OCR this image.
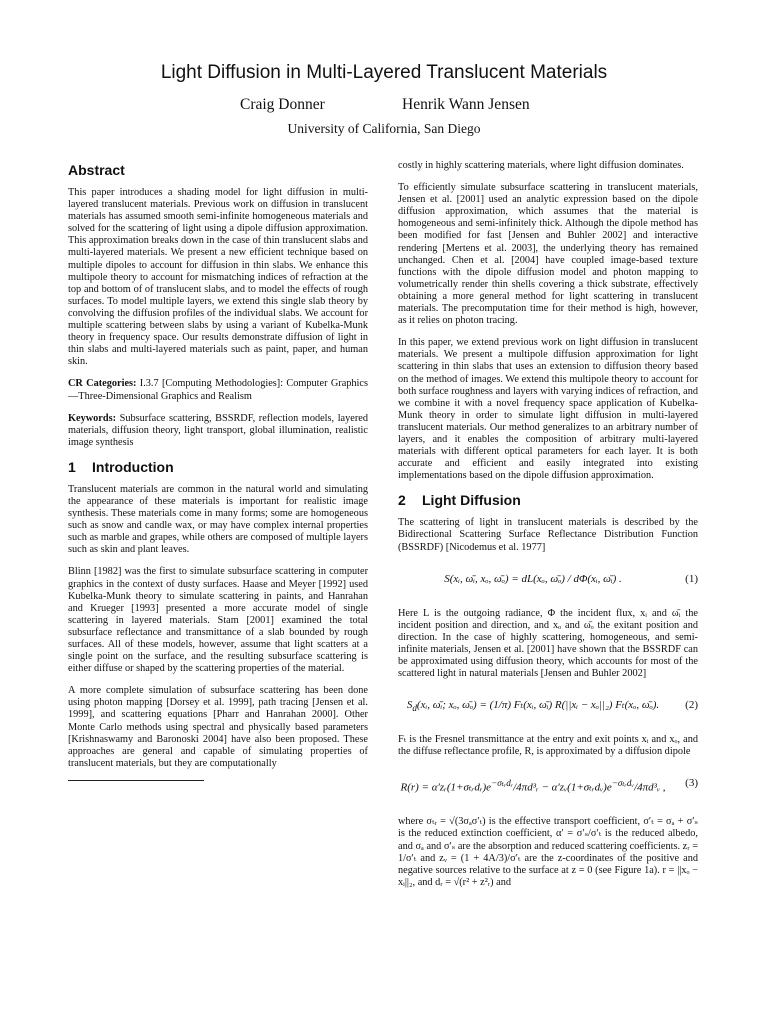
Light Diffusion in Multi-Layered Translucent Materials
Craig Donner	Henrik Wann Jensen
University of California, San Diego
Abstract

This paper introduces a shading model for light diffusion in multi-layered translucent materials. Previous work on diffusion in translucent materials has assumed smooth semi-infinite homogeneous materials and solved for the scattering of light using a dipole diffusion approximation. This approximation breaks down in the case of thin translucent slabs and multi-layered materials. We present a new efficient technique based on multiple dipoles to account for diffusion in thin slabs. We enhance this multipole theory to account for mismatching indices of refraction at the top and bottom of of translucent slabs, and to model the effects of rough surfaces. To model multiple layers, we extend this single slab theory by convolving the diffusion profiles of the individual slabs. We account for multiple scattering between slabs by using a variant of Kubelka-Munk theory in frequency space. Our results demonstrate diffusion of light in thin slabs and multi-layered materials such as paint, paper, and human skin.

CR Categories: I.3.7 [Computing Methodologies]: Computer Graphics—Three-Dimensional Graphics and Realism

Keywords: Subsurface scattering, BSSRDF, reflection models, layered materials, diffusion theory, light transport, global illumination, realistic image synthesis

1 Introduction

Translucent materials are common in the natural world and simulating the appearance of these materials is important for realistic image synthesis. These materials come in many forms; some are homogeneous such as snow and candle wax, or may have complex internal properties such as marble and grapes, while others are composed of multiple layers such as skin and plant leaves.

Blinn [1982] was the first to simulate subsurface scattering in computer graphics in the context of dusty surfaces. Haase and Meyer [1992] used Kubelka-Munk theory to simulate scattering in paints, and Hanrahan and Krueger [1993] presented a more accurate model of single scattering in layered materials. Stam [2001] examined the total subsurface reflectance and transmittance of a slab bounded by rough surfaces. All of these models, however, assume that light scatters at a single point on the surface, and the resulting subsurface scattering is either diffuse or shaped by the scattering properties of the material.

A more complete simulation of subsurface scattering has been done using photon mapping [Dorsey et al. 1999], path tracing [Jensen et al. 1999], and scattering equations [Pharr and Hanrahan 2000]. Other Monte Carlo methods using spectral and physically based parameters [Krishnaswamy and Baronoski 2004] have also been proposed. These approaches are general and capable of simulating properties of translucent materials, but they are computationally

costly in highly scattering materials, where light diffusion dominates.

To efficiently simulate subsurface scattering in translucent materials, Jensen et al. [2001] used an analytic expression based on the dipole diffusion approximation, which assumes that the material is homogeneous and semi-infinitely thick. Although the dipole method has been modified for fast [Jensen and Buhler 2002] and interactive rendering [Mertens et al. 2003], the underlying theory has remained unchanged. Chen et al. [2004] have coupled image-based texture functions with the dipole diffusion model and photon mapping to volumetrically render thin shells covering a thick substrate, effectively obtaining a more general method for light scattering in translucent materials. The precomputation time for their method is high, however, as it relies on photon tracing.

In this paper, we extend previous work on light diffusion in translucent materials. We present a multipole diffusion approximation for light scattering in thin slabs that uses an extension to diffusion theory based on the method of images. We extend this multipole theory to account for both surface roughness and layers with varying indices of refraction, and we combine it with a novel frequency space application of Kubelka-Munk theory in order to simulate light diffusion in multi-layered translucent materials. Our method generalizes to an arbitrary number of layers, and it enables the composition of arbitrary multi-layered materials with different optical parameters for each layer. It is both accurate and efficient and easily integrated into existing implementations based on the dipole diffusion approximation.

2 Light Diffusion

The scattering of light in translucent materials is described by the Bidirectional Scattering Surface Reflectance Distribution Function (BSSRDF) [Nicodemus et al. 1977]

S(xᵢ, ω̄ᵢ, xₒ, ω̄ₒ) = dL(xₒ, ω̄ₒ) / dΦ(xᵢ, ω̄ᵢ) .	(1)

Here L is the outgoing radiance, Φ the incident flux, xᵢ and ω̄ᵢ the incident position and direction, and xₒ and ω̄ₒ the exitant position and direction. In the case of highly scattering, homogeneous, and semi-infinite materials, Jensen et al. [2001] have shown that the BSSRDF can be approximated using diffusion theory, which accounts for most of the scattered light in natural materials [Jensen and Buhler 2002]

$S_d(xᵢ$, ω̄ᵢ; xₒ, ω̄ₒ) = (1/π) Fₜ(xᵢ, ω̄ᵢ) R(||xᵢ − xₒ||₂) Fₜ(xₒ, ω̄ₒ).	(2)

Fₜ is the Fresnel transmittance at the entry and exit points xᵢ and xₒ, and the diffuse reflectance profile, R, is approximated by a diffusion dipole

$R(r) = \alpha'zᵣ(1+\sigma_tᵣdᵣ)e^{-\sigma_tᵣdᵣ}/4\pi d^3ᵣ$ − $\alpha'zᵥ(1+\sigma_tᵣdᵥ)e^{-\sigma_tᵣdᵥ}/4\pi d^3ᵥ$ , (3)

where σₜᵣ = √(3σₐσ′ₜ) is the effective transport coefficient, σ′ₜ = σₐ + σ′ₛ is the reduced extinction coefficient, α′ = σ′ₛ/σ′ₜ is the reduced albedo, and σₐ and σ′ₛ are the absorption and reduced scattering coefficients. zᵣ = 1/σ′ₜ and zᵥ = (1 + 4A/3)/σ′ₜ are the z-coordinates of the positive and negative sources relative to the surface at z = 0 (see Figure 1a). r = ||xₒ − xᵢ||₂, and dᵣ = √(r² + z²ᵣ) and
